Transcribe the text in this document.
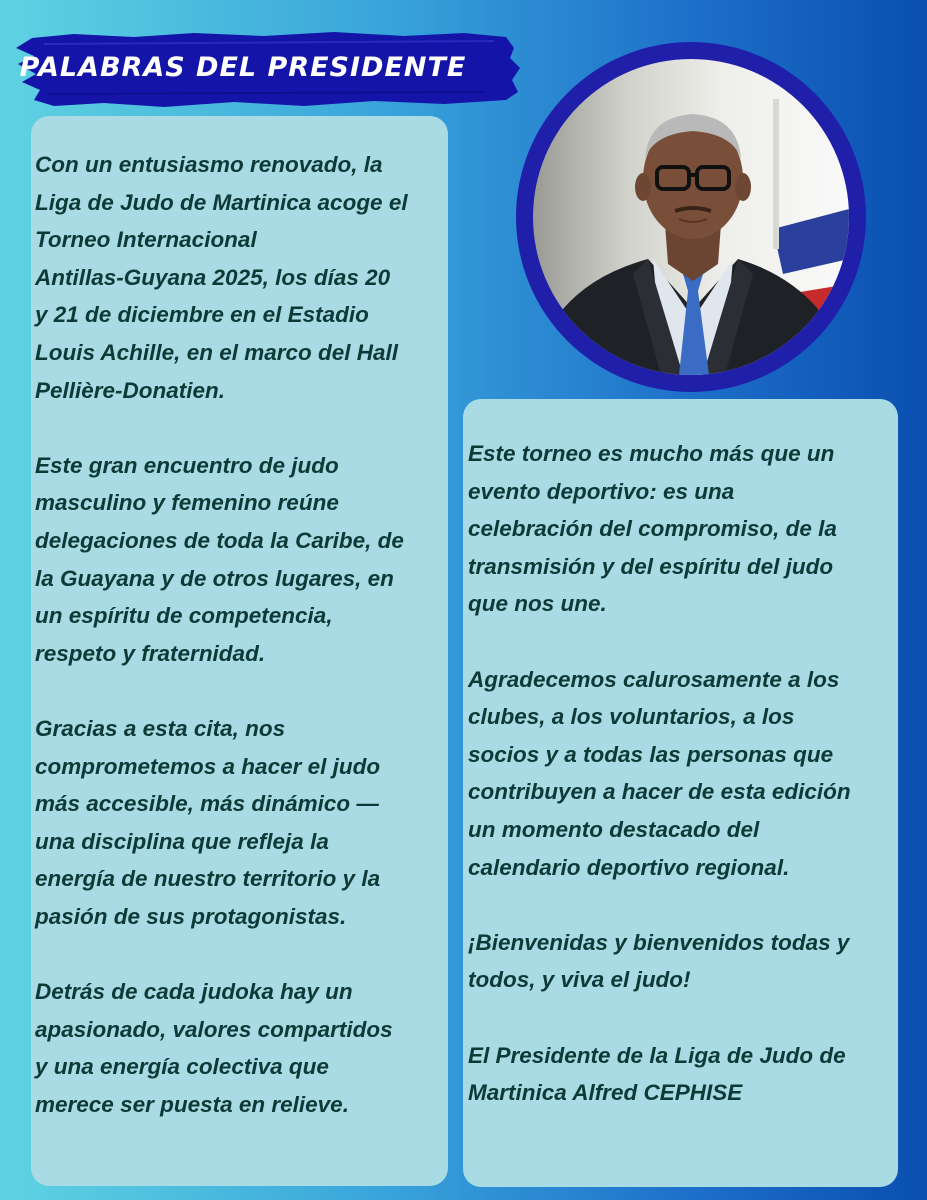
PALABRAS DEL PRESIDENTE

Con un entusiasmo renovado, la
Liga de Judo de Martinica acoge el
Torneo Internacional
Antillas-Guyana 2025, los días 20
y 21 de diciembre en el Estadio
Louis Achille, en el marco del Hall
Pellière-Donatien.

Este gran encuentro de judo
masculino y femenino reúne
delegaciones de toda la Caribe, de
la Guayana y de otros lugares, en
un espíritu de competencia,
respeto y fraternidad.

Gracias a esta cita, nos
comprometemos a hacer el judo
más accesible, más dinámico —
una disciplina que refleja la
energía de nuestro territorio y la
pasión de sus protagonistas.

Detrás de cada judoka hay un
apasionado, valores compartidos
y una energía colectiva que
merece ser puesta en relieve.

Este torneo es mucho más que un
evento deportivo: es una
celebración del compromiso, de la
transmisión y del espíritu del judo
que nos une.

Agradecemos calurosamente a los
clubes, a los voluntarios, a los
socios y a todas las personas que
contribuyen a hacer de esta edición
un momento destacado del
calendario deportivo regional.

¡Bienvenidas y bienvenidos todas y
todos, y viva el judo!

El Presidente de la Liga de Judo de
Martinica Alfred CEPHISE
